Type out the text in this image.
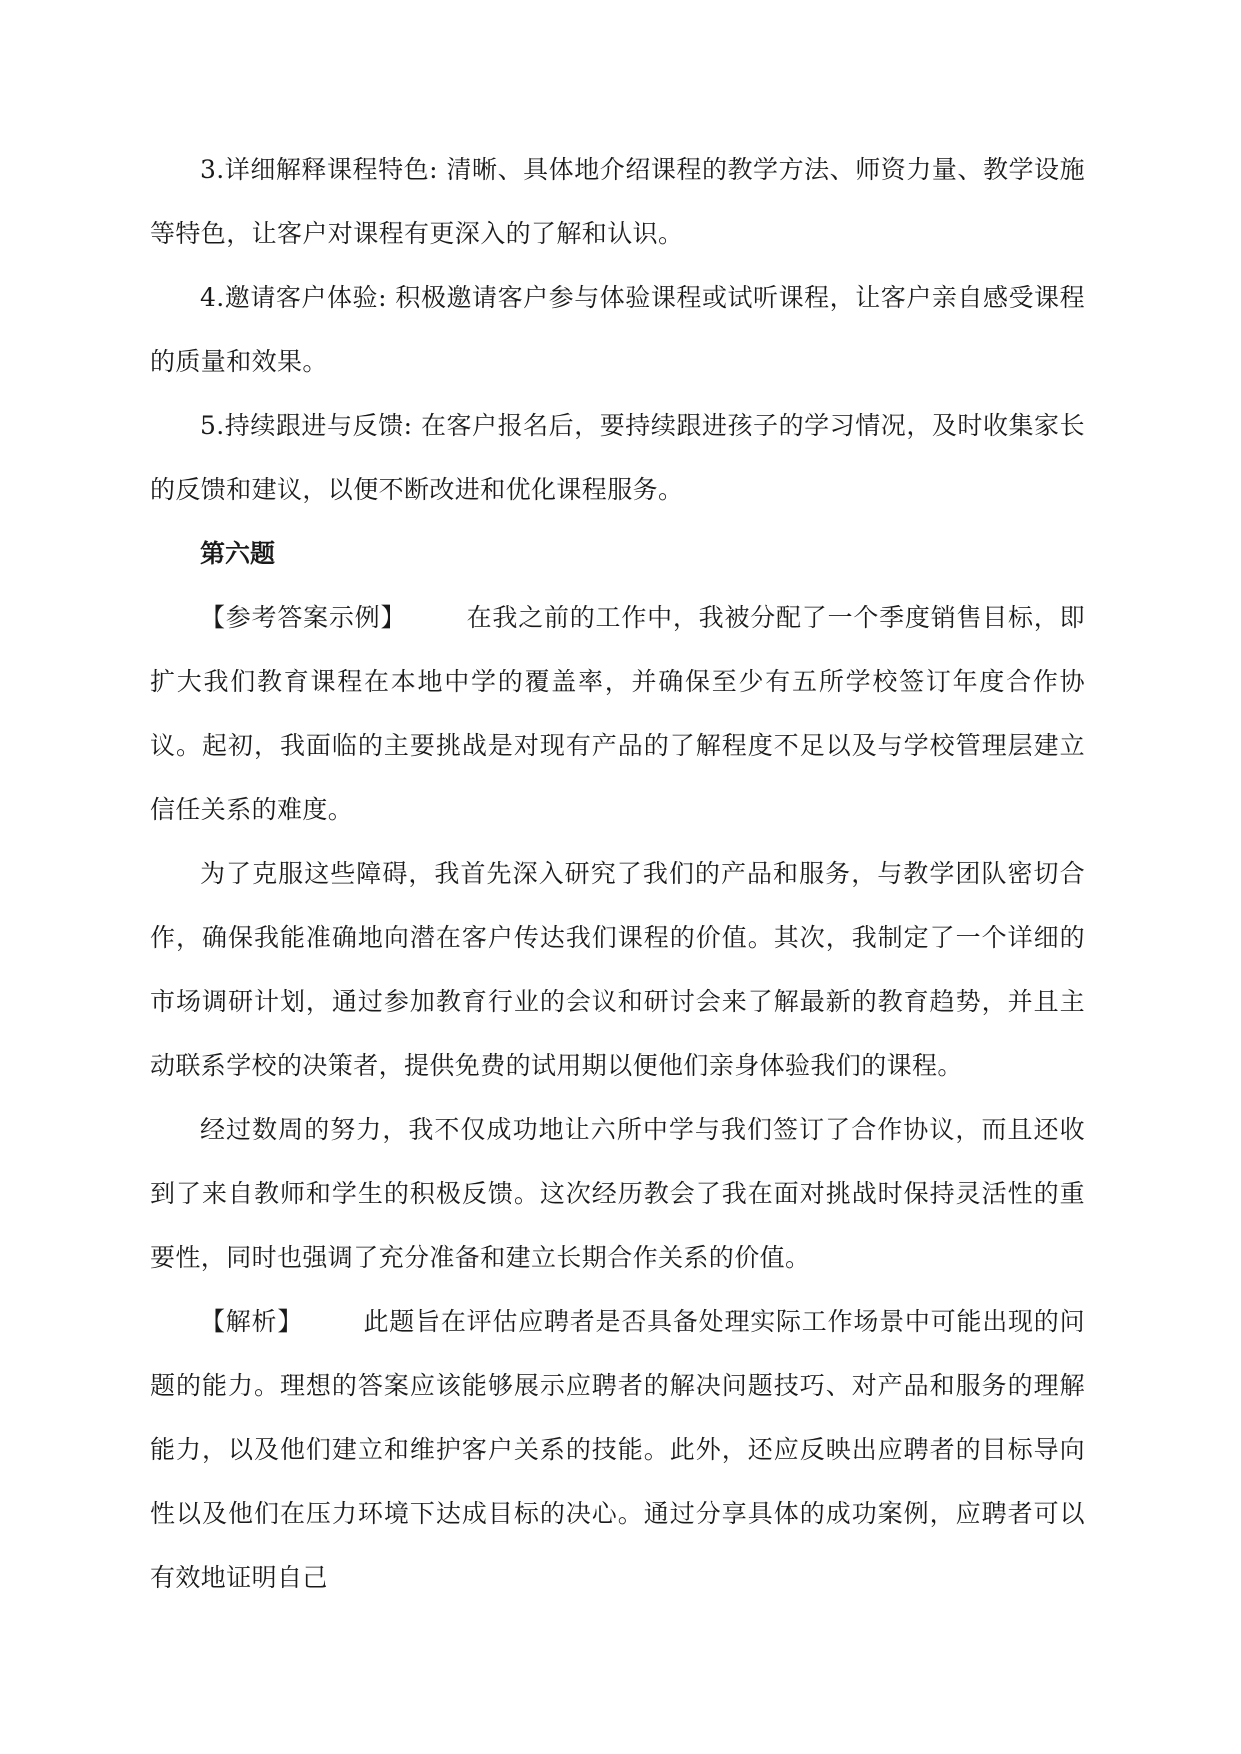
3.详细解释课程特色: 清晰、具体地介绍课程的教学方法、师资力量、教学设施等特色，让客户对课程有更深入的了解和认识。

4.邀请客户体验: 积极邀请客户参与体验课程或试听课程，让客户亲自感受课程的质量和效果。

5.持续跟进与反馈: 在客户报名后，要持续跟进孩子的学习情况，及时收集家长的反馈和建议，以便不断改进和优化课程服务。

第六题

【参考答案示例】 在我之前的工作中，我被分配了一个季度销售目标，即扩大我们教育课程在本地中学的覆盖率，并确保至少有五所学校签订年度合作协议。起初，我面临的主要挑战是对现有产品的了解程度不足以及与学校管理层建立信任关系的难度。

为了克服这些障碍，我首先深入研究了我们的产品和服务，与教学团队密切合作，确保我能准确地向潜在客户传达我们课程的价值。其次，我制定了一个详细的市场调研计划，通过参加教育行业的会议和研讨会来了解最新的教育趋势，并且主动联系学校的决策者，提供免费的试用期以便他们亲身体验我们的课程。

经过数周的努力，我不仅成功地让六所中学与我们签订了合作协议，而且还收到了来自教师和学生的积极反馈。这次经历教会了我在面对挑战时保持灵活性的重要性，同时也强调了充分准备和建立长期合作关系的价值。

【解析】 此题旨在评估应聘者是否具备处理实际工作场景中可能出现的问题的能力。理想的答案应该能够展示应聘者的解决问题技巧、对产品和服务的理解能力，以及他们建立和维护客户关系的技能。此外，还应反映出应聘者的目标导向性以及他们在压力环境下达成目标的决心。通过分享具体的成功案例，应聘者可以有效地证明自己
